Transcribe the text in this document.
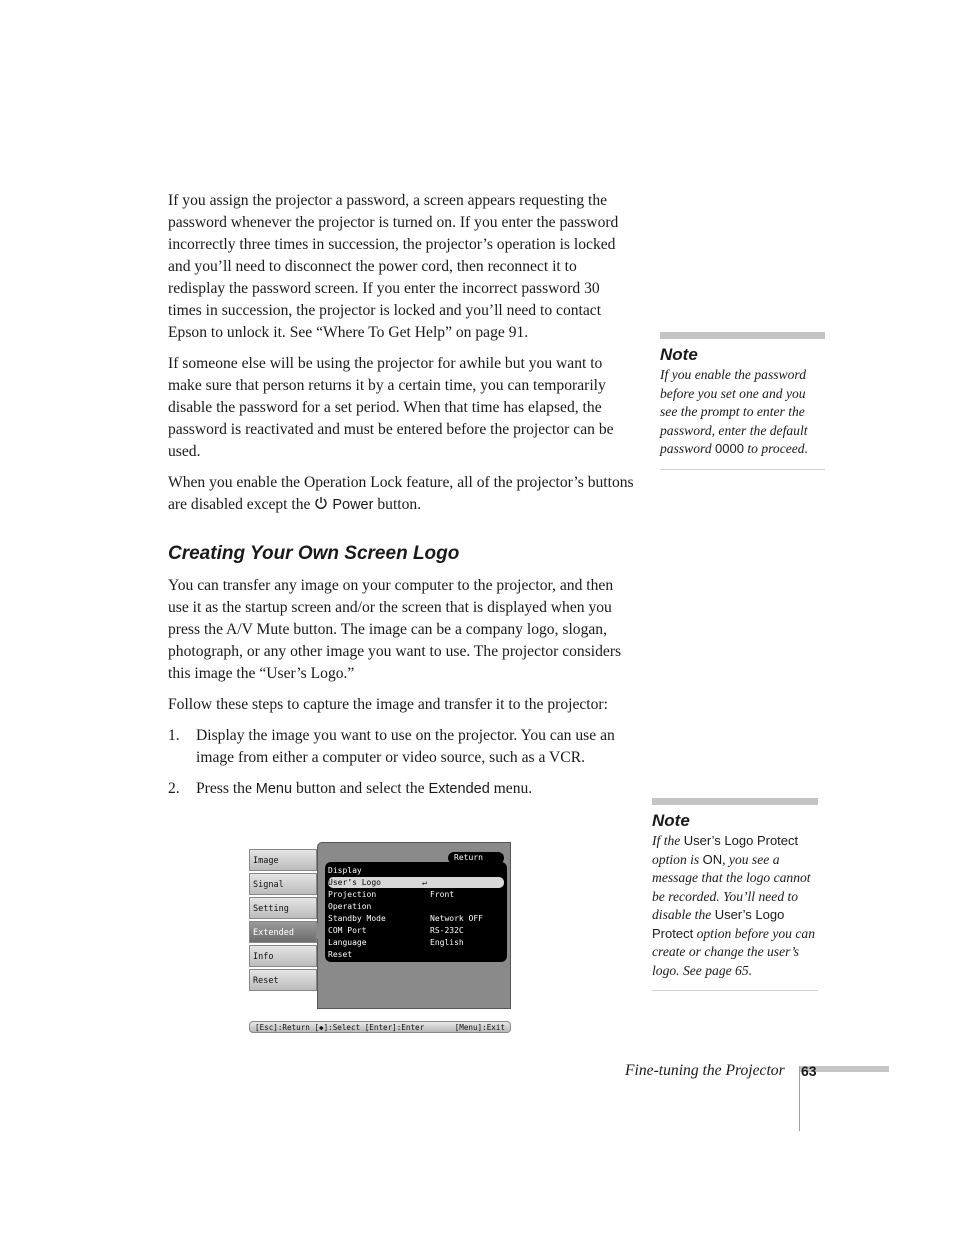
If you assign the projector a password, a screen appears requesting the password whenever the projector is turned on. If you enter the password incorrectly three times in succession, the projector’s operation is locked and you’ll need to disconnect the power cord, then reconnect it to redisplay the password screen. If you enter the incorrect password 30 times in succession, the projector is locked and you’ll need to contact Epson to unlock it. See “Where To Get Help” on page 91.

If someone else will be using the projector for awhile but you want to make sure that person returns it by a certain time, you can temporarily disable the password for a set period. When that time has elapsed, the password is reactivated and must be entered before the projector can be used.

When you enable the Operation Lock feature, all of the projector’s buttons are disabled except the Power button.

Creating Your Own Screen Logo

You can transfer any image on your computer to the projector, and then use it as the startup screen and/or the screen that is displayed when you press the A/V Mute button. The image can be a company logo, slogan, photograph, or any other image you want to use. The projector considers this image the “User’s Logo.”

Follow these steps to capture the image and transfer it to the projector:

1. Display the image you want to use on the projector. You can use an image from either a computer or video source, such as a VCR.
2. Press the Menu button and select the Extended menu.
Note
If you enable the password before you set one and you see the prompt to enter the password, enter the default password 0000 to proceed.
Note
If the User’s Logo Protect option is ON, you see a message that the logo cannot be recorded. You’ll need to disable the User’s Logo Protect option before you can create or change the user’s logo. See page 65.
Image
Signal
Setting
Extended
Info
Reset
Return
Display
User’s Logo	↵
Projection	Front
Operation
Standby Mode	Network OFF
COM Port	RS-232C
Language	English
Reset
[Esc]:Return [◆]:Select [Enter]:Enter	[Menu]:Exit
Fine-tuning the Projector 63
